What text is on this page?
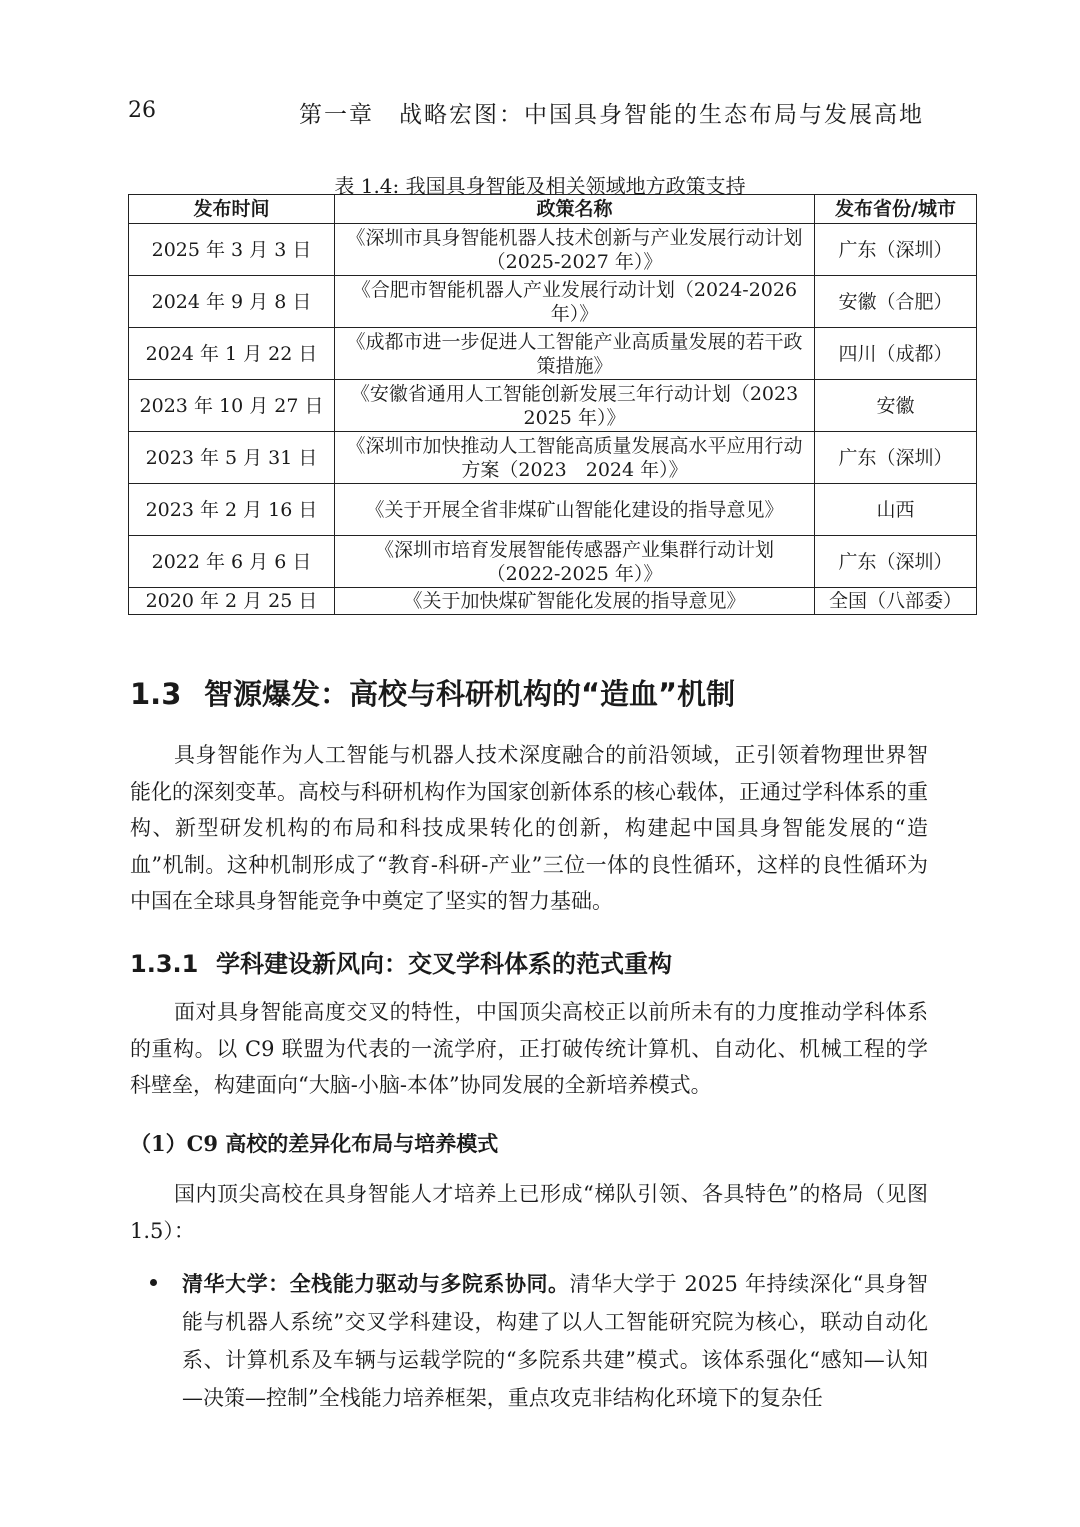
26	第一章　战略宏图：中国具身智能的生态布局与发展高地
表 1.4: 我国具身智能及相关领域地方政策支持
发布时间	政策名称	发布省份/城市
2025 年 3 月 3 日	《深圳市具身智能机器人技术创新与产业发展行动计划（2025-2027 年）》	广东（深圳）
2024 年 9 月 8 日	《合肥市智能机器人产业发展行动计划（2024-2026 年）》	安徽（合肥）
2024 年 1 月 22 日	《成都市进一步促进人工智能产业高质量发展的若干政策措施》	四川（成都）
2023 年 10 月 27 日	《安徽省通用人工智能创新发展三年行动计划（2023　2025 年）》	安徽
2023 年 5 月 31 日	《深圳市加快推动人工智能高质量发展高水平应用行动方案（2023　2024 年）》	广东（深圳）
2023 年 2 月 16 日	《关于开展全省非煤矿山智能化建设的指导意见》	山西
2022 年 6 月 6 日	《深圳市培育发展智能传感器产业集群行动计划（2022-2025 年）》	广东（深圳）
2020 年 2 月 25 日	《关于加快煤矿智能化发展的指导意见》	全国（八部委）
1.3 智源爆发：高校与科研机构的“造血”机制

具身智能作为人工智能与机器人技术深度融合的前沿领域，正引领着物理世界智能化的深刻变革。高校与科研机构作为国家创新体系的核心载体，正通过学科体系的重构、新型研发机构的布局和科技成果转化的创新，构建起中国具身智能发展的“造血”机制。这种机制形成了“教育-科研-产业”三位一体的良性循环，这样的良性循环为中国在全球具身智能竞争中奠定了坚实的智力基础。

1.3.1 学科建设新风向：交叉学科体系的范式重构

面对具身智能高度交叉的特性，中国顶尖高校正以前所未有的力度推动学科体系的重构。以 C9 联盟为代表的一流学府，正打破传统计算机、自动化、机械工程的学科壁垒，构建面向“大脑-小脑-本体”协同发展的全新培养模式。

（1）C9 高校的差异化布局与培养模式

国内顶尖高校在具身智能人才培养上已形成“梯队引领、各具特色”的格局（见图1.5）：

清华大学：全栈能力驱动与多院系协同。清华大学于 2025 年持续深化“具身智能与机器人系统”交叉学科建设，构建了以人工智能研究院为核心，联动自动化系、计算机系及车辆与运载学院的“多院系共建”模式。该体系强化“感知—认知—决策—控制”全栈能力培养框架，重点攻克非结构化环境下的复杂任
